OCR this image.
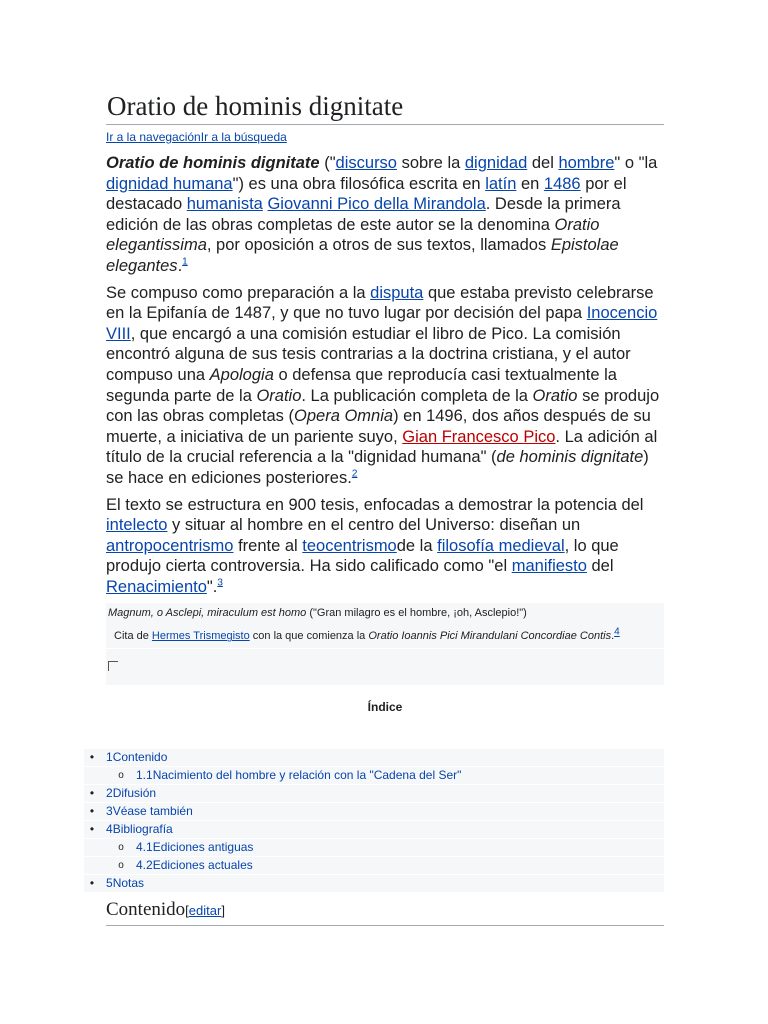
Oratio de hominis dignitate
Ir a la navegaciónIr a la búsqueda

Oratio de hominis dignitate ("discurso sobre la dignidad del hombre" o "la dignidad humana") es una obra filosófica escrita en latín en 1486 por el destacado humanista Giovanni Pico della Mirandola. Desde la primera edición de las obras completas de este autor se la denomina Oratio elegantissima, por oposición a otros de sus textos, llamados Epistolae elegantes.$^1$

Se compuso como preparación a la disputa que estaba previsto celebrarse en la Epifanía de 1487, y que no tuvo lugar por decisión del papa Inocencio VIII, que encargó a una comisión estudiar el libro de Pico. La comisión encontró alguna de sus tesis contrarias a la doctrina cristiana, y el autor compuso una Apologia o defensa que reproducía casi textualmente la segunda parte de la Oratio. La publicación completa de la Oratio se produjo con las obras completas (Opera Omnia) en 1496, dos años después de su muerte, a iniciativa de un pariente suyo, Gian Francesco Pico. La adición al título de la crucial referencia a la "dignidad humana" (de hominis dignitate) se hace en ediciones posteriores.$^2$

El texto se estructura en 900 tesis, enfocadas a demostrar la potencia del intelecto y situar al hombre en el centro del Universo: diseñan un antropocentrismo frente al teocentrismode la filosofía medieval, lo que produjo cierta controversia. Ha sido calificado como "el manifiesto del Renacimiento".$^3$

Magnum, o Asclepi, miraculum est homo ("Gran milagro es el hombre, ¡oh, Asclepio!")
Cita de Hermes Trismegisto con la que comienza la Oratio Ioannis Pici Mirandulani Concordiae Contis.$^4$
Índice
• 1Contenido
o	1.1Nacimiento del hombre y relación con la "Cadena del Ser"
• 2Difusión
• 3Véase también
• 4Bibliografía
o	4.1Ediciones antiguas
o	4.2Ediciones actuales
• 5Notas
Contenido[editar]
